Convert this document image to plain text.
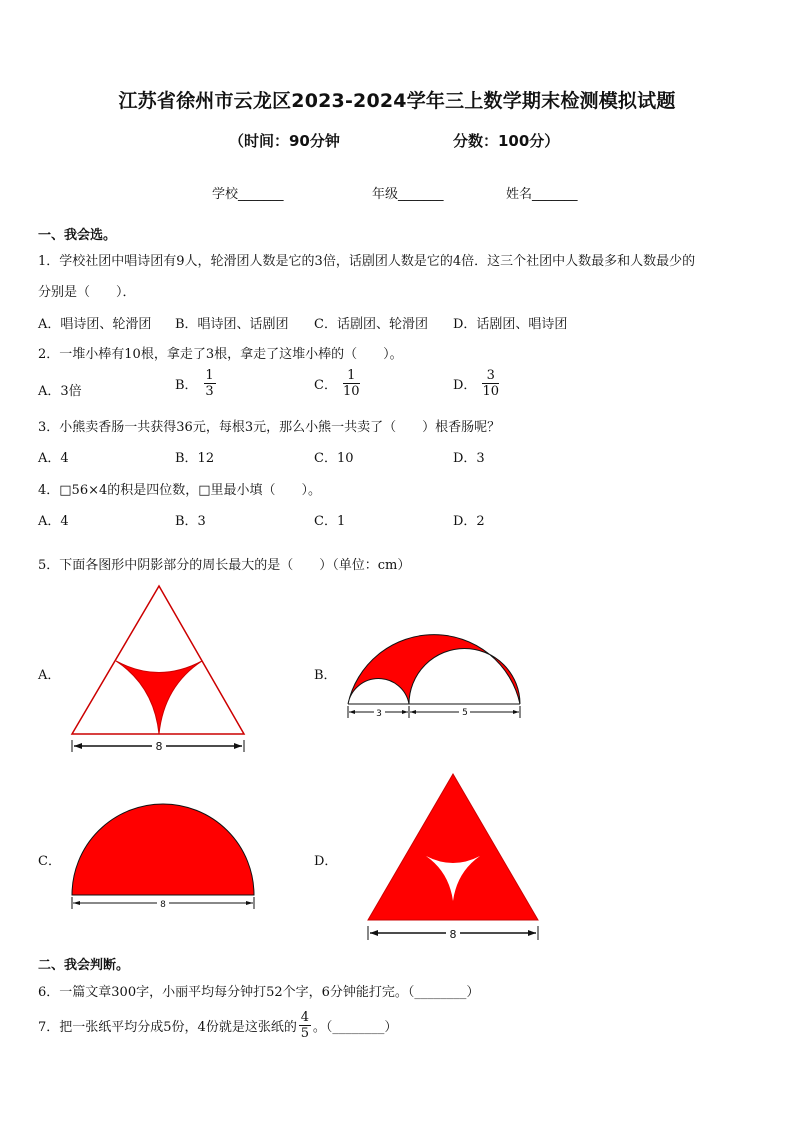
江苏省徐州市云龙区2023-2024学年三上数学期末检测模拟试题
（时间：90分钟	分数：100分）
学校_______	年级_______	姓名_______
一、我会选。
1．学校社团中唱诗团有9人，轮滑团人数是它的3倍，话剧团人数是它的4倍．这三个社团中人数最多和人数最少的
分别是（　　）．
A．唱诗团、轮滑团 B．唱诗团、话剧团 C．话剧团、轮滑团 D．话剧团、唱诗团
2．一堆小棒有10根，拿走了3根，拿走了这堆小棒的（　　）。
A．3倍	B． $\frac{1}{3}$	C． $\frac{1}{10}$	D． $\frac{3}{10}$
3．小熊卖香肠一共获得36元，每根3元，那么小熊一共卖了（　　）根香肠呢？
A．4	B．12	C．10	D．3
4．□56×4的积是四位数，□里最小填（　　）。
A．4	B．3	C．1	D．2
5．下面各图形中阴影部分的周长最大的是（　　）（单位：cm）
A．	B．
C．	D．
8
3	5
8
8
二、我会判断。
6．一篇文章300字，小丽平均每分钟打52个字，6分钟能打完。（________）
7．把一张纸平均分成5份，4份就是这张纸的 $\frac{4}{5}$ 。（________）
